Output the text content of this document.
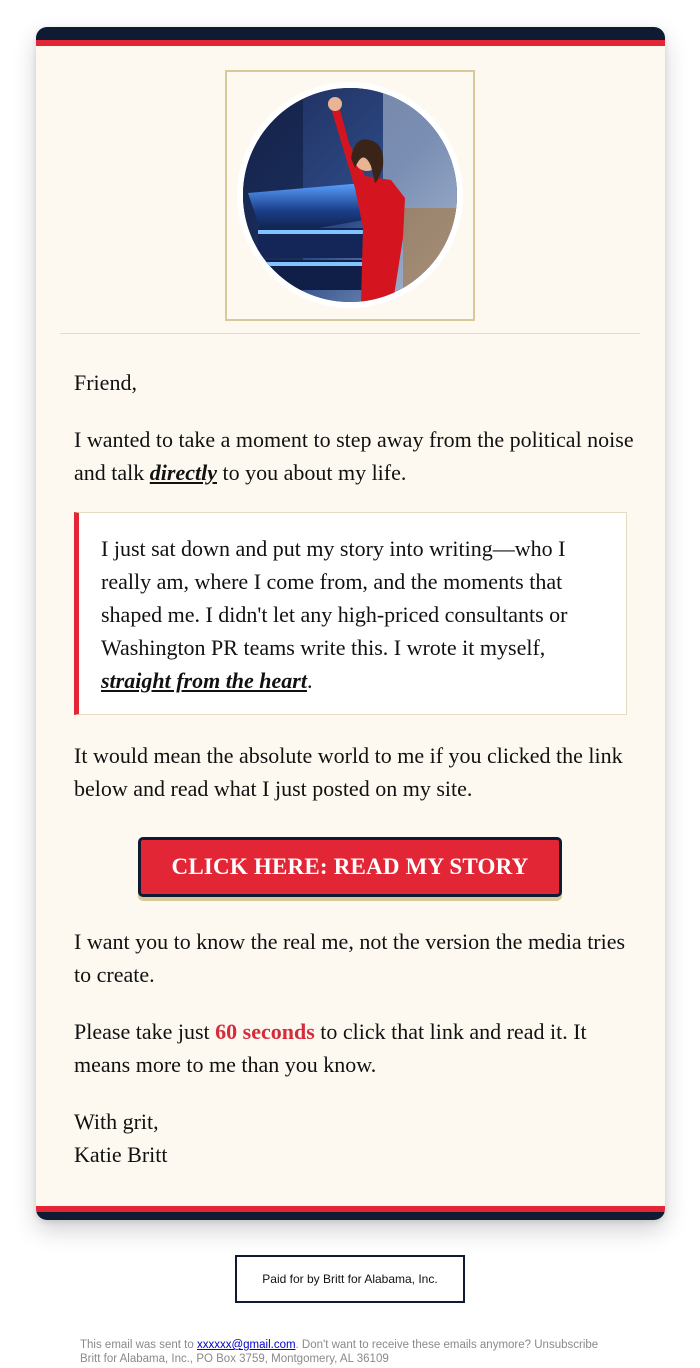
Friend,

I wanted to take a moment to step away from the political noise and talk directly to you about my life.

I just sat down and put my story into writing—who I really am, where I come from, and the moments that shaped me. I didn't let any high-priced consultants or Washington PR teams write this. I wrote it myself, straight from the heart.

It would mean the absolute world to me if you clicked the link below and read what I just posted on my site.

CLICK HERE: READ MY STORY

I want you to know the real me, not the version the media tries to create.

Please take just 60 seconds to click that link and read it. It means more to me than you know.

With grit,

Katie Britt

Paid for by Britt for Alabama, Inc.
This email was sent to xxxxxx@gmail.com. Don't want to receive these emails anymore? Unsubscribe
Britt for Alabama, Inc., PO Box 3759, Montgomery, AL 36109
